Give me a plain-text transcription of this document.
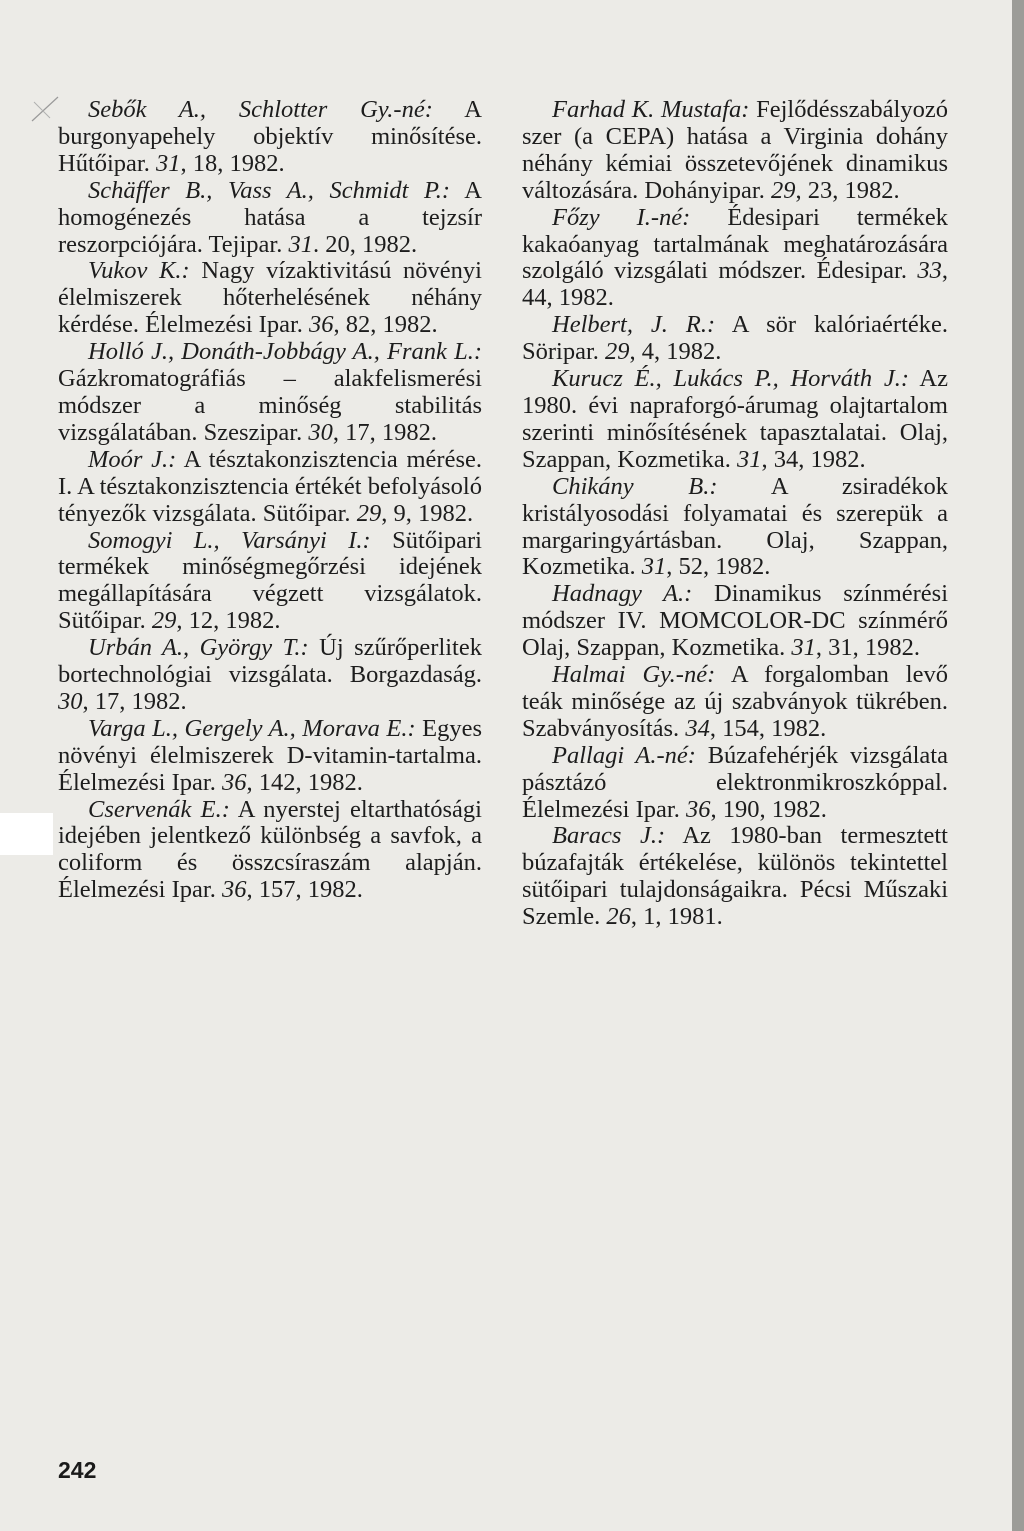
Sebők A., Schlotter Gy.-né: A burgonyapehely objektív minősítése. Hűtőipar. 31, 18, 1982.

Schäffer B., Vass A., Schmidt P.: A homogénezés hatása a tejzsír reszorpciójára. Tejipar. 31. 20, 1982.

Vukov K.: Nagy vízaktivitású növényi élelmiszerek hőterhelésének néhány kérdése. Élelmezési Ipar. 36, 82, 1982.

Holló J., Donáth-Jobbágy A., Frank L.: Gázkromatográfiás – alakfelismerési módszer a minőség stabilitás vizsgálatában. Szeszipar. 30, 17, 1982.

Moór J.: A tésztakonzisztencia mérése. I. A tésztakonzisztencia értékét befolyásoló tényezők vizsgálata. Sütőipar. 29, 9, 1982.

Somogyi L., Varsányi I.: Sütőipari termékek minőségmegőrzési idejének megállapítására végzett vizsgálatok. Sütőipar. 29, 12, 1982.

Urbán A., György T.: Új szűrőperlitek bortechnológiai vizsgálata. Borgazdaság. 30, 17, 1982.

Varga L., Gergely A., Morava E.: Egyes növényi élelmiszerek D-vitamin-tartalma. Élelmezési Ipar. 36, 142, 1982.

Cservenák E.: A nyerstej eltarthatósági idejében jelentkező különbség a savfok, a coliform és összcsíraszám alapján. Élelmezési Ipar. 36, 157, 1982.

Farhad K. Mustafa: Fejlődésszabályozó szer (a CEPA) hatása a Virginia dohány néhány kémiai összetevőjének dinamikus változására. Dohányipar. 29, 23, 1982.

Főzy I.-né: Édesipari termékek kakaóanyag tartalmának meghatározására szolgáló vizsgálati módszer. Édesipar. 33, 44, 1982.

Helbert, J. R.: A sör kalóriaértéke. Söripar. 29, 4, 1982.

Kurucz É., Lukács P., Horváth J.: Az 1980. évi napraforgó-árumag olajtartalom szerinti minősítésének tapasztalatai. Olaj, Szappan, Kozmetika. 31, 34, 1982.

Chikány B.: A zsiradékok kristályosodási folyamatai és szerepük a margaringyártásban. Olaj, Szappan, Kozmetika. 31, 52, 1982.

Hadnagy A.: Dinamikus színmérési módszer IV. MOMCOLOR-DC színmérő Olaj, Szappan, Kozmetika. 31, 31, 1982.

Halmai Gy.-né: A forgalomban levő teák minősége az új szabványok tükrében. Szabványosítás. 34, 154, 1982.

Pallagi A.-né: Búzafehérjék vizsgálata pásztázó elektronmikroszkóppal. Élelmezési Ipar. 36, 190, 1982.

Baracs J.: Az 1980-ban termesztett búzafajták értékelése, különös tekintettel sütőipari tulajdonságaikra. Pécsi Műszaki Szemle. 26, 1, 1981.

242
